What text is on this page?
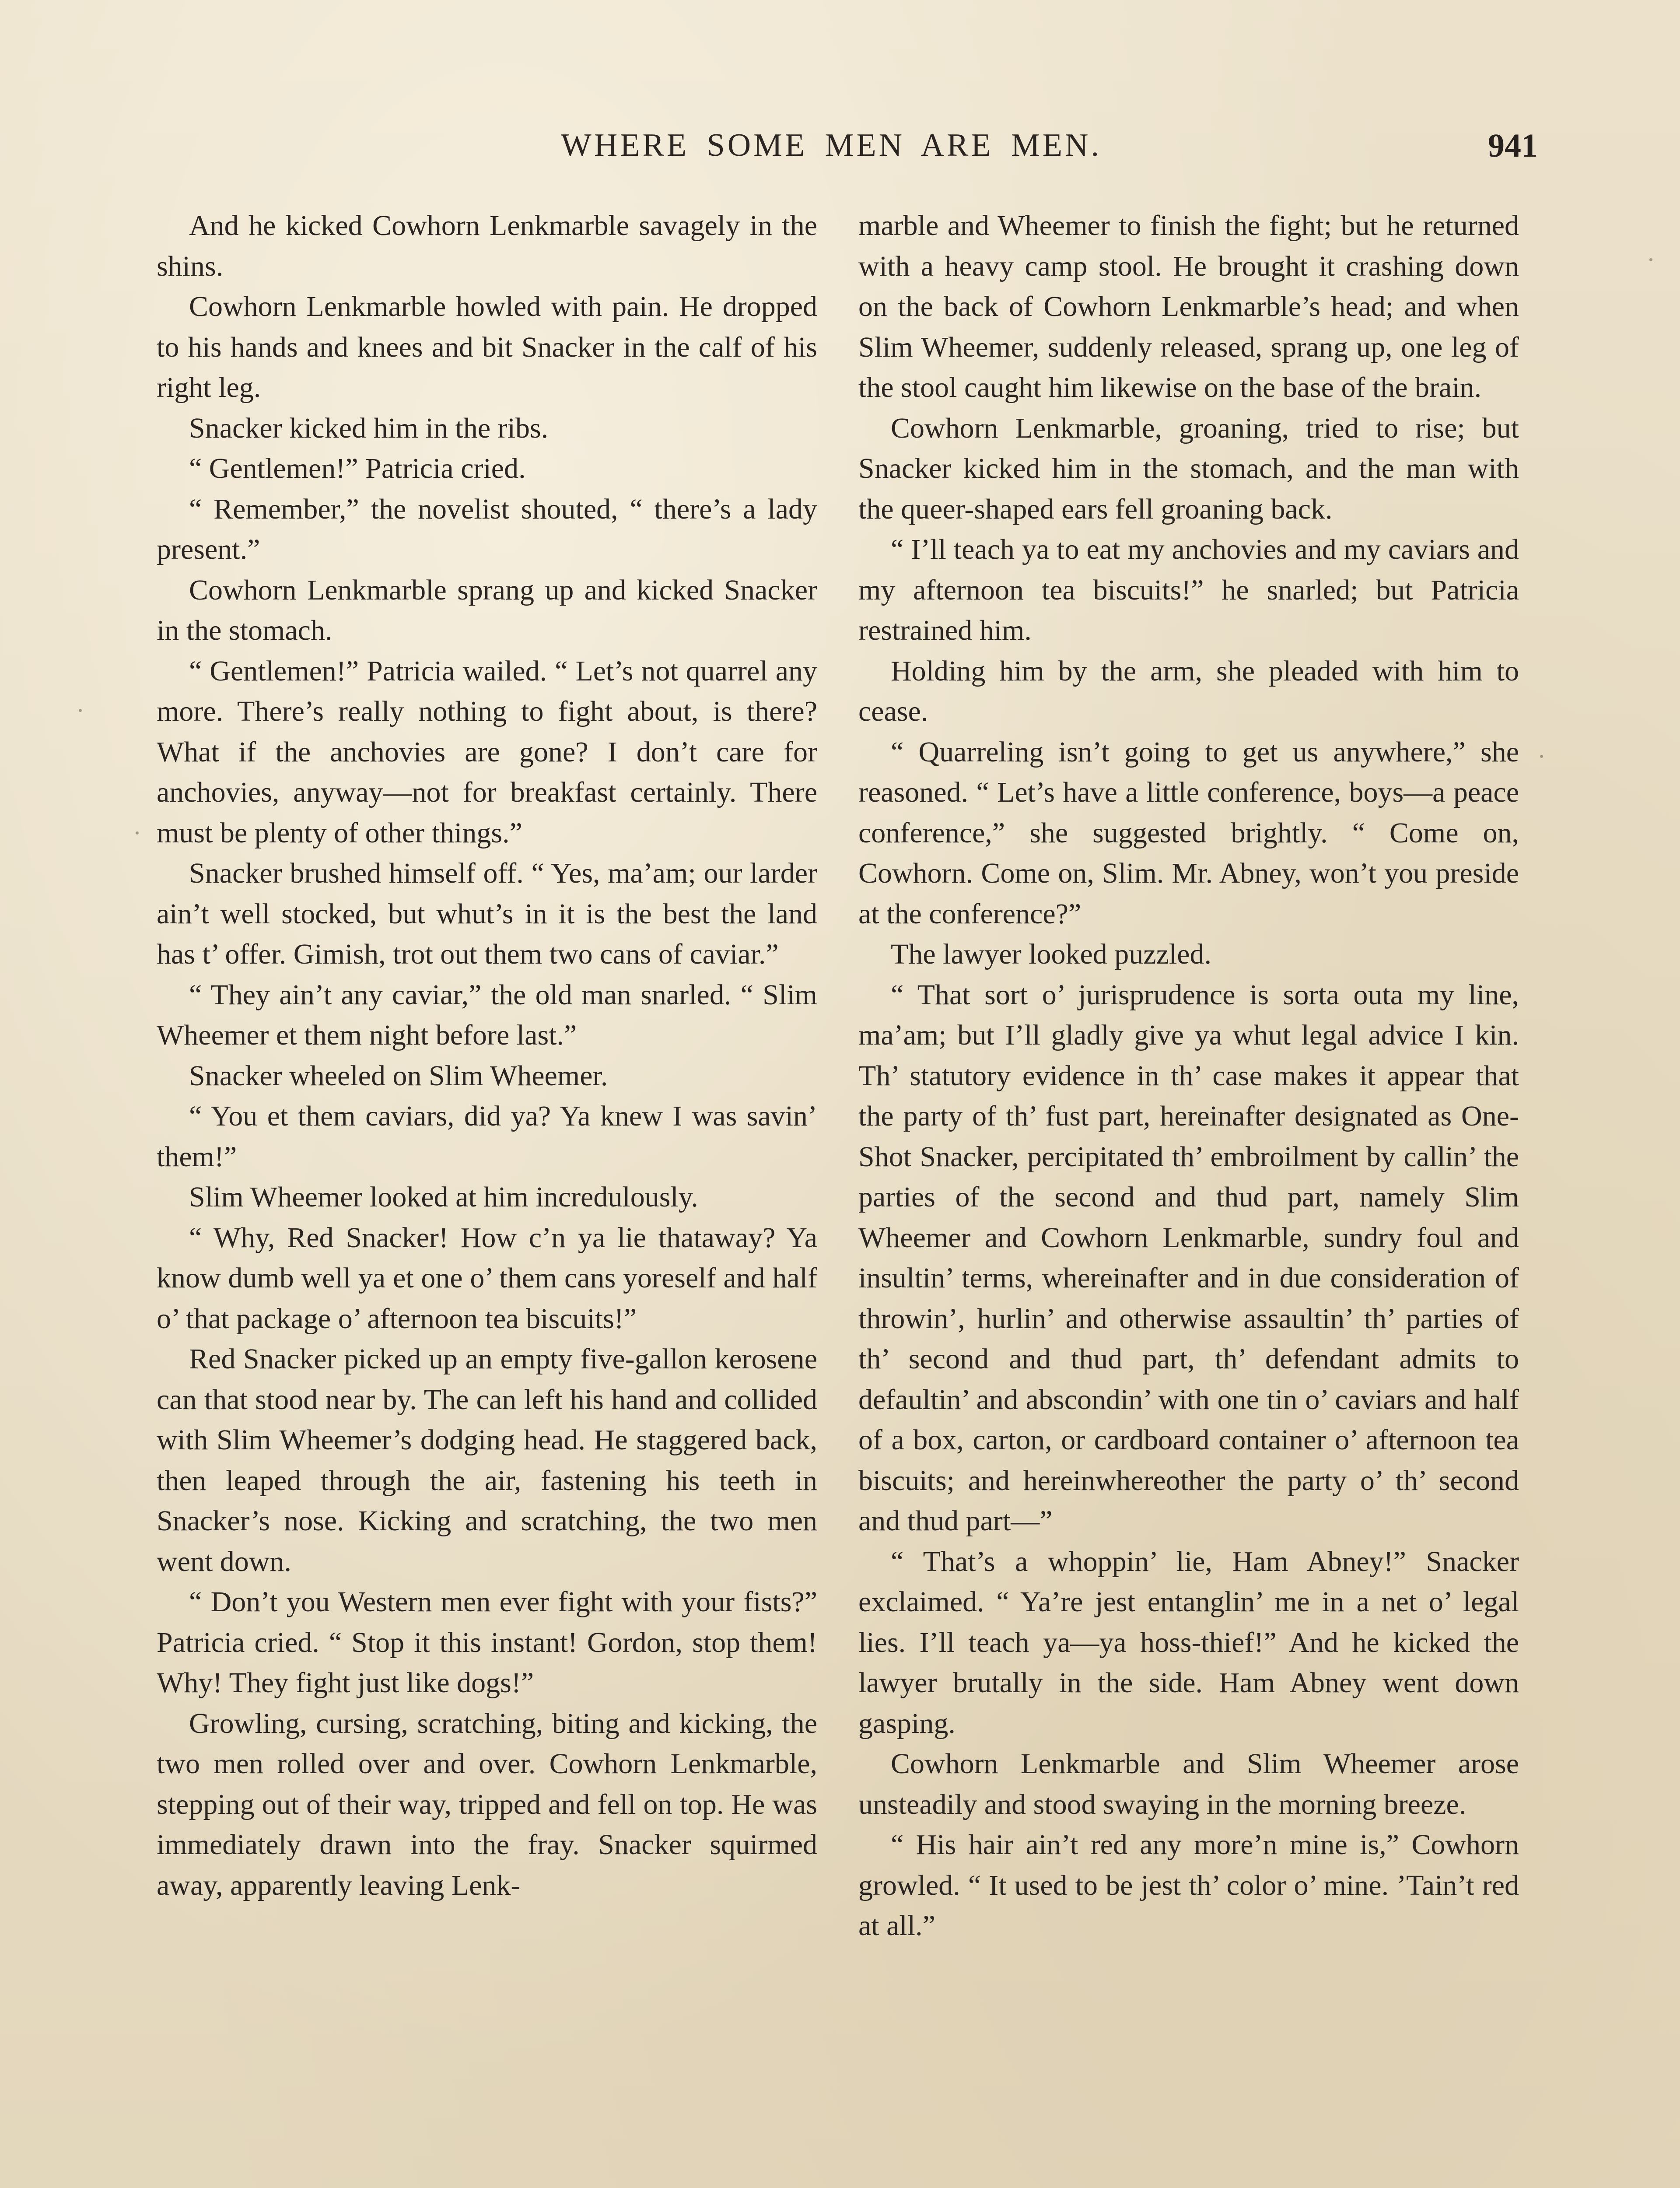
WHERE SOME MEN ARE MEN.	941

And he kicked Cowhorn Lenkmarble savagely in the shins.

Cowhorn Lenkmarble howled with pain. He dropped to his hands and knees and bit Snacker in the calf of his right leg.

Snacker kicked him in the ribs.

“ Gentlemen!” Patricia cried.

“ Remember,” the novelist shouted, “ there’s a lady present.”

Cowhorn Lenkmarble sprang up and kicked Snacker in the stomach.

“ Gentlemen!” Patricia wailed. “ Let’s not quarrel any more. There’s really nothing to fight about, is there? What if the anchovies are gone? I don’t care for anchovies, anyway—not for breakfast certainly. There must be plenty of other things.”

Snacker brushed himself off. “ Yes, ma’am; our larder ain’t well stocked, but whut’s in it is the best the land has t’ offer. Gimish, trot out them two cans of caviar.”

“ They ain’t any caviar,” the old man snarled. “ Slim Wheemer et them night before last.”

Snacker wheeled on Slim Wheemer.

“ You et them caviars, did ya? Ya knew I was savin’ them!”

Slim Wheemer looked at him incredulously.

“ Why, Red Snacker! How c’n ya lie thataway? Ya know dumb well ya et one o’ them cans yoreself and half o’ that package o’ afternoon tea biscuits!”

Red Snacker picked up an empty five-gallon kerosene can that stood near by. The can left his hand and collided with Slim Wheemer’s dodging head. He staggered back, then leaped through the air, fastening his teeth in Snacker’s nose. Kicking and scratching, the two men went down.

“ Don’t you Western men ever fight with your fists?” Patricia cried. “ Stop it this instant! Gordon, stop them! Why! They fight just like dogs!”

Growling, cursing, scratching, biting and kicking, the two men rolled over and over. Cowhorn Lenkmarble, stepping out of their way, tripped and fell on top. He was immediately drawn into the fray. Snacker squirmed away, apparently leaving Lenk-

marble and Wheemer to finish the fight; but he returned with a heavy camp stool. He brought it crashing down on the back of Cowhorn Lenkmarble’s head; and when Slim Wheemer, suddenly released, sprang up, one leg of the stool caught him likewise on the base of the brain.

Cowhorn Lenkmarble, groaning, tried to rise; but Snacker kicked him in the stomach, and the man with the queer-shaped ears fell groaning back.

“ I’ll teach ya to eat my anchovies and my caviars and my afternoon tea biscuits!” he snarled; but Patricia restrained him.

Holding him by the arm, she pleaded with him to cease.

“ Quarreling isn’t going to get us anywhere,” she reasoned. “ Let’s have a little conference, boys—a peace conference,” she suggested brightly. “ Come on, Cowhorn. Come on, Slim. Mr. Abney, won’t you preside at the conference?”

The lawyer looked puzzled.

“ That sort o’ jurisprudence is sorta outa my line, ma’am; but I’ll gladly give ya whut legal advice I kin. Th’ statutory evidence in th’ case makes it appear that the party of th’ fust part, hereinafter designated as One-Shot Snacker, percipitated th’ embroilment by callin’ the parties of the second and thud part, namely Slim Wheemer and Cowhorn Lenkmarble, sundry foul and insultin’ terms, whereinafter and in due consideration of throwin’, hurlin’ and otherwise assaultin’ th’ parties of th’ second and thud part, th’ defendant admits to defaultin’ and abscondin’ with one tin o’ caviars and half of a box, carton, or cardboard container o’ afternoon tea biscuits; and hereinwhereother the party o’ th’ second and thud part—”

“ That’s a whoppin’ lie, Ham Abney!” Snacker exclaimed. “ Ya’re jest entanglin’ me in a net o’ legal lies. I’ll teach ya—ya hoss-thief!” And he kicked the lawyer brutally in the side. Ham Abney went down gasping.

Cowhorn Lenkmarble and Slim Wheemer arose unsteadily and stood swaying in the morning breeze.

“ His hair ain’t red any more’n mine is,” Cowhorn growled. “ It used to be jest th’ color o’ mine. ’Tain’t red at all.”
